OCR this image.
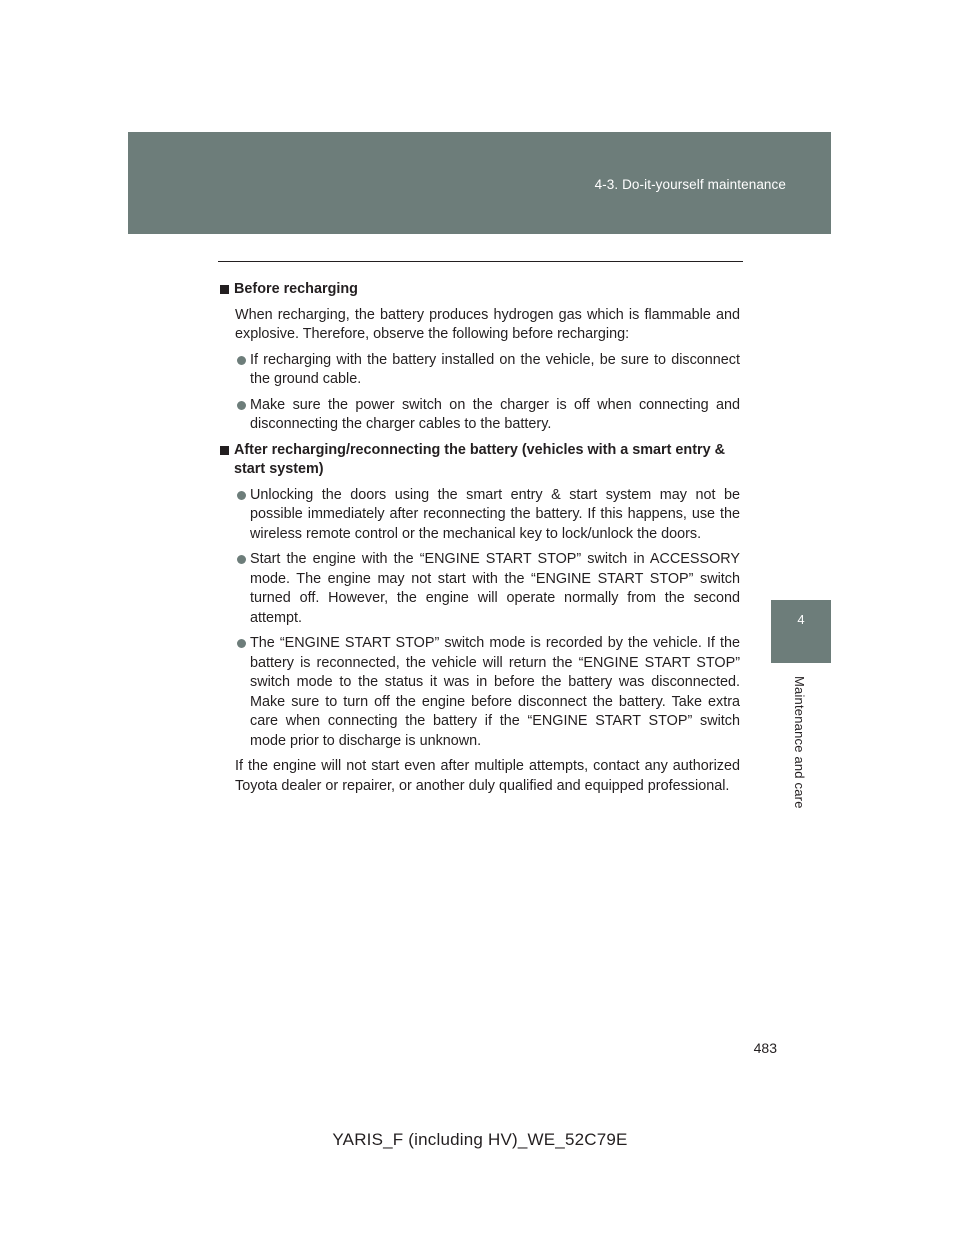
4-3. Do-it-yourself maintenance
4
Maintenance and care
Before recharging

When recharging, the battery produces hydrogen gas which is flammable and explosive. Therefore, observe the following before recharging:

If recharging with the battery installed on the vehicle, be sure to disconnect the ground cable.
Make sure the power switch on the charger is off when connecting and disconnecting the charger cables to the battery.
After recharging/reconnecting the battery (vehicles with a smart entry & start system)
Unlocking the doors using the smart entry & start system may not be possible immediately after reconnecting the battery. If this happens, use the wireless remote control or the mechanical key to lock/unlock the doors.
Start the engine with the “ENGINE START STOP” switch in ACCESSORY mode. The engine may not start with the “ENGINE START STOP” switch turned off. However, the engine will operate normally from the second attempt.
The “ENGINE START STOP” switch mode is recorded by the vehicle. If the battery is reconnected, the vehicle will return the “ENGINE START STOP” switch mode to the status it was in before the battery was disconnected. Make sure to turn off the engine before disconnect the battery. Take extra care when connecting the battery if the “ENGINE START STOP” switch mode prior to discharge is unknown.

If the engine will not start even after multiple attempts, contact any authorized Toyota dealer or repairer, or another duly qualified and equipped professional.

483
YARIS_F (including HV)_WE_52C79E
